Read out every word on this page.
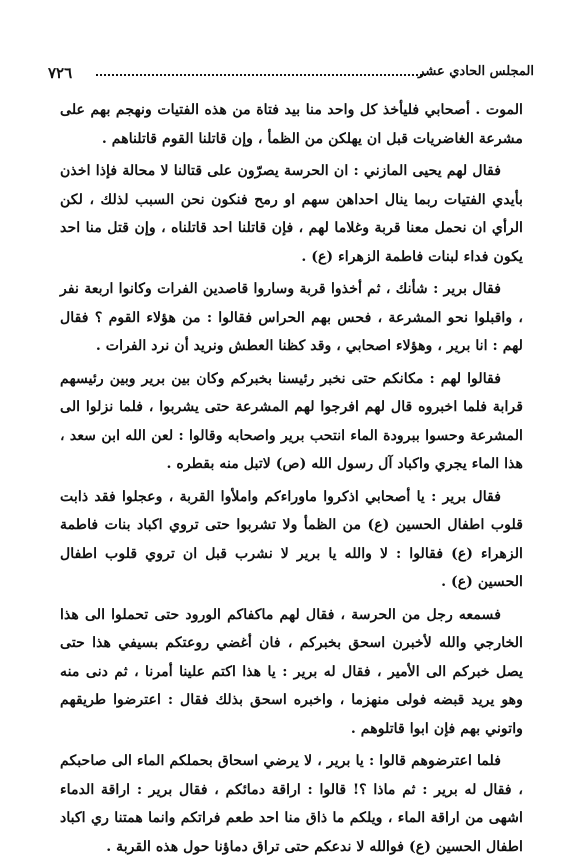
٧٢٦	المجلس الحادي عشر

الموت . أصحابي فليأخذ كل واحد منا بيد فتاة من هذه الفتيات ونهجم بهم على مشرعة الغاضريات قبل ان يهلكن من الظمأ ، وإن قاتلنا القوم قاتلناهم .

فقال لهم يحيى المازني : ان الحرسة يصرّون على قتالنا لا محالة فإذا اخذن بأيدي الفتيات ربما ينال احداهن سهم او رمح فنكون نحن السبب لذلك ، لكن الرأي ان نحمل معنا قربة وغلاما لهم ، فإن قاتلنا احد قاتلناه ، وإن قتل منا احد يكون فداء لبنات فاطمة الزهراء (ع) .

فقال برير : شأنك ، ثم أخذوا قربة وساروا قاصدين الفرات وكانوا اربعة نفر ، واقبلوا نحو المشرعة ، فحس بهم الحراس فقالوا : من هؤلاء القوم ؟ فقال لهم : انا برير ، وهؤلاء اصحابي ، وقد كظنا العطش ونريد أن نرد الفرات .

فقالوا لهم : مكانكم حتى نخبر رئيسنا بخبركم وكان بين برير وبين رئيسهم قرابة فلما اخبروه قال لهم افرجوا لهم المشرعة حتى يشربوا ، فلما نزلوا الى المشرعة وحسوا ببرودة الماء انتحب برير واصحابه وقالوا : لعن الله ابن سعد ، هذا الماء يجري واكباد آل رسول الله (ص) لاتبل منه بقطره .

فقال برير : يا أصحابي اذكروا ماوراءكم واملأوا القربة ، وعجلوا فقد ذابت قلوب اطفال الحسين (ع) من الظمأ ولا تشربوا حتى تروي اكباد بنات فاطمة الزهراء (ع) فقالوا : لا والله يا برير لا نشرب قبل ان تروي قلوب اطفال الحسين (ع) .

فسمعه رجل من الحرسة ، فقال لهم ماكفاكم الورود حتى تحملوا الى هذا الخارجي والله لأخبرن اسحق بخبركم ، فان أغضي روعتكم بسيفي هذا حتى يصل خبركم الى الأمير ، فقال له برير : يا هذا اكتم علينا أمرنا ، ثم دنى منه وهو يريد قبضه فولى منهزما ، واخبره اسحق بذلك فقال : اعترضوا طريقهم واتوني بهم فإن ابوا قاتلوهم .

فلما اعترضوهم قالوا : يا برير ، لا يرضي اسحاق بحملكم الماء الى صاحبكم ، فقال له برير : ثم ماذا ؟! قالوا : اراقة دمائكم ، فقال برير : اراقة الدماء اشهى من اراقة الماء ، ويلكم ما ذاق منا احد طعم فراتكم وانما همتنا ري اكباد اطفال الحسين (ع) فوالله لا ندعكم حتى تراق دماؤنا حول هذه القربة .
